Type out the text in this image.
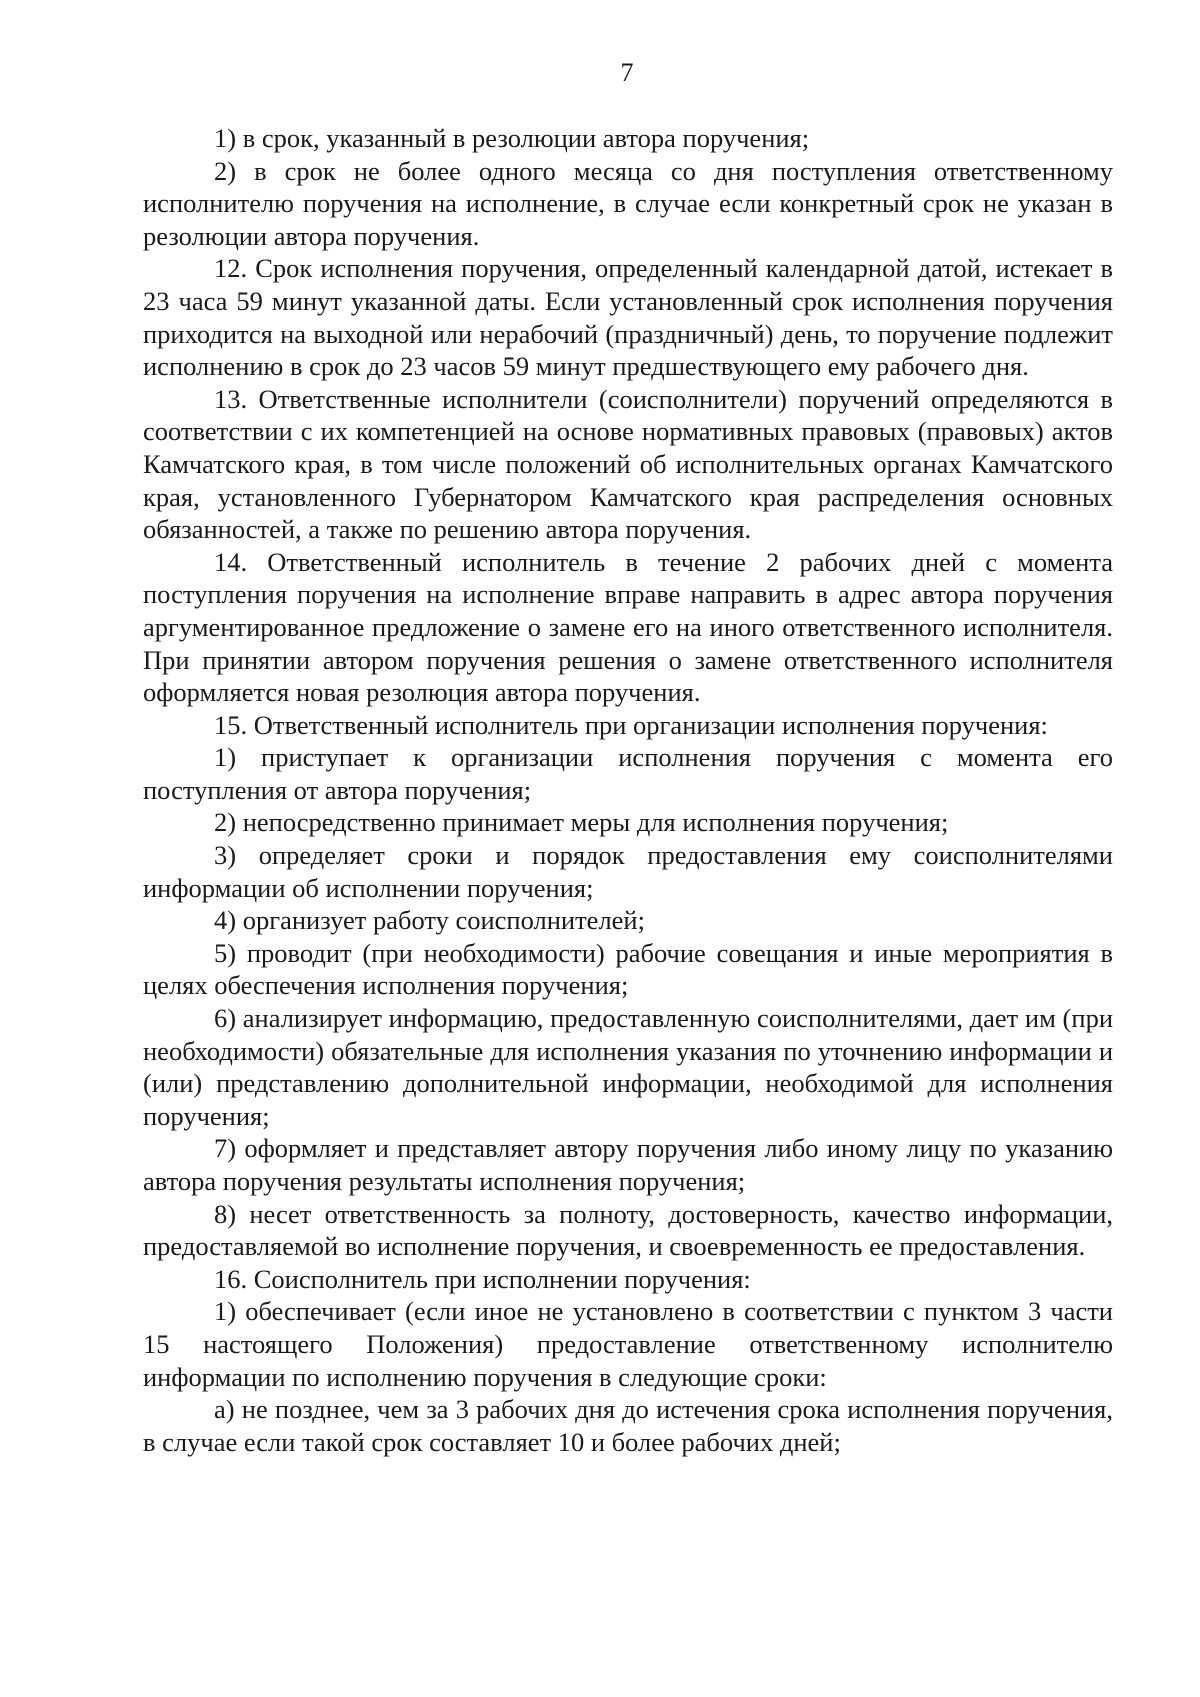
7

1) в срок, указанный в резолюции автора поручения;

2) в срок не более одного месяца со дня поступления ответственному исполнителю поручения на исполнение, в случае если конкретный срок не указан в резолюции автора поручения.

12. Срок исполнения поручения, определенный календарной датой, истекает в 23 часа 59 минут указанной даты. Если установленный срок исполнения поручения приходится на выходной или нерабочий (праздничный) день, то поручение подлежит исполнению в срок до 23 часов 59 минут предшествующего ему рабочего дня.

13. Ответственные исполнители (соисполнители) поручений определяются в соответствии с их компетенцией на основе нормативных правовых (правовых) актов Камчатского края, в том числе положений об исполнительных органах Камчатского края, установленного Губернатором Камчатского края распределения основных обязанностей, а также по решению автора поручения.

14. Ответственный исполнитель в течение 2 рабочих дней с момента поступления поручения на исполнение вправе направить в адрес автора поручения аргументированное предложение о замене его на иного ответственного исполнителя. При принятии автором поручения решения о замене ответственного исполнителя оформляется новая резолюция автора поручения.

15. Ответственный исполнитель при организации исполнения поручения:

1) приступает к организации исполнения поручения с момента его поступления от автора поручения;

2) непосредственно принимает меры для исполнения поручения;

3) определяет сроки и порядок предоставления ему соисполнителями информации об исполнении поручения;

4) организует работу соисполнителей;

5) проводит (при необходимости) рабочие совещания и иные мероприятия в целях обеспечения исполнения поручения;

6) анализирует информацию, предоставленную соисполнителями, дает им (при необходимости) обязательные для исполнения указания по уточнению информации и (или) представлению дополнительной информации, необходимой для исполнения поручения;

7) оформляет и представляет автору поручения либо иному лицу по указанию автора поручения результаты исполнения поручения;

8) несет ответственность за полноту, достоверность, качество информации, предоставляемой во исполнение поручения, и своевременность ее предоставления.

16. Соисполнитель при исполнении поручения:

1) обеспечивает (если иное не установлено в соответствии с пунктом 3 части 15 настоящего Положения) предоставление ответственному исполнителю информации по исполнению поручения в следующие сроки:

а) не позднее, чем за 3 рабочих дня до истечения срока исполнения поручения, в случае если такой срок составляет 10 и более рабочих дней;
